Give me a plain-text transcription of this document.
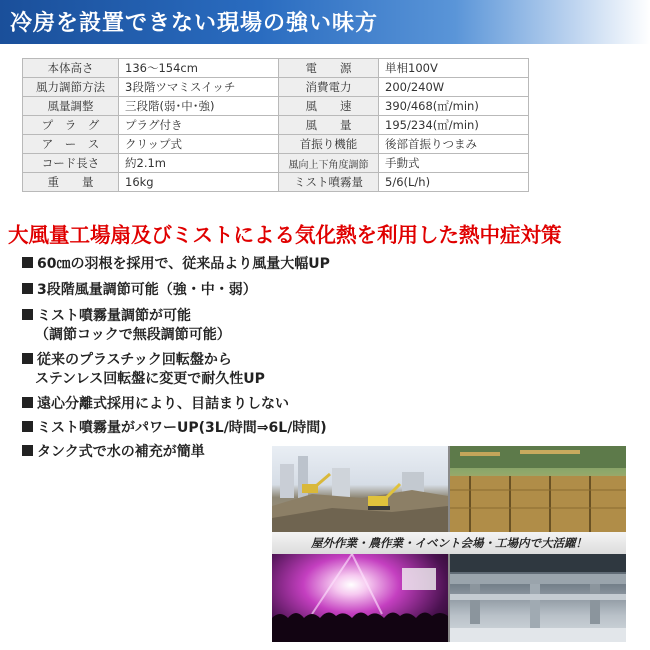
冷房を設置できない現場の強い味方
本体高さ	136～154cm	電　　源	単相100V
風力調節方法	3段階ツマミスイッチ	消費電力	200/240W
風量調整	三段階(弱･中･強)	風　　速	390/468(㎡/min)
プ　ラ　グ	プラグ付き	風　　量	195/234(㎥/min)
ア　ー　ス	クリップ式	首振り機能	後部首振りつまみ
コード長さ	約2.1m	風向上下角度調節	手動式
重　　量	16kg	ミスト噴霧量	5/6(L/h)
大風量工場扇及びミストによる気化熱を利用した熱中症対策
60㎝の羽根を採用で、従来品より風量大幅UP
3段階風量調節可能（強・中・弱）
ミスト噴霧量調節が可能
（調節コックで無段調節可能）
従来のプラスチック回転盤から
ステンレス回転盤に変更で耐久性UP
遠心分離式採用により、目詰まりしない
ミスト噴霧量がパワーUP(3L/時間⇒6L/時間)
タンク式で水の補充が簡単
屋外作業・農作業・イベント会場・工場内で大活躍！
